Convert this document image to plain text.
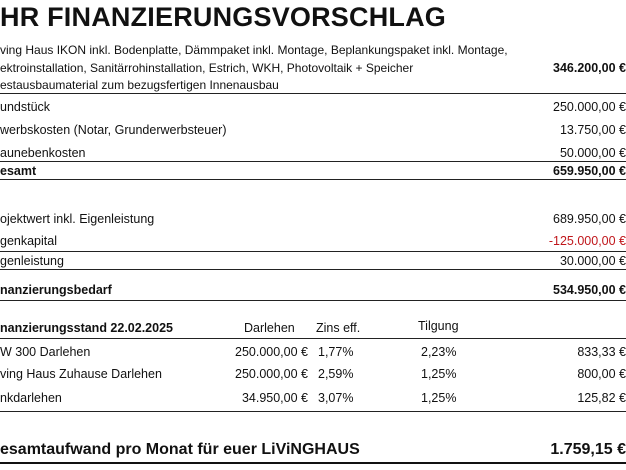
HR FINANZIERUNGSVORSCHLAG
ving Haus IKON inkl. Bodenplatte, Dämmpaket inkl. Montage, Beplankungspaket inkl. Montage,
ektroinstallation, Sanitärrohinstallation, Estrich, WKH, Photovoltaik + Speicher
estausbaumaterial zum bezugsfertigen Innenausbau
346.200,00 €
undstück	250.000,00 €
werbskosten (Notar, Grunderwerbsteuer)	13.750,00 €
aunebenkosten	50.000,00 €
esamt	659.950,00 €
ojektwert inkl. Eigenleistung	689.950,00 €
genkapital	-125.000,00 €
genleistung	30.000,00 €
nanzierungsbedarf	534.950,00 €
nanzierungsstand 22.02.2025	Darlehen Zins eff.	Tilgung
W 300 Darlehen	250.000,00 € 1,77%	2,23%	833,33 €
ving Haus Zuhause Darlehen	250.000,00 € 2,59%	1,25%	800,00 €
nkdarlehen	34.950,00 € 3,07%	1,25%	125,82 €
esamtaufwand pro Monat für euer LiViNGHAUS	1.759,15 €
